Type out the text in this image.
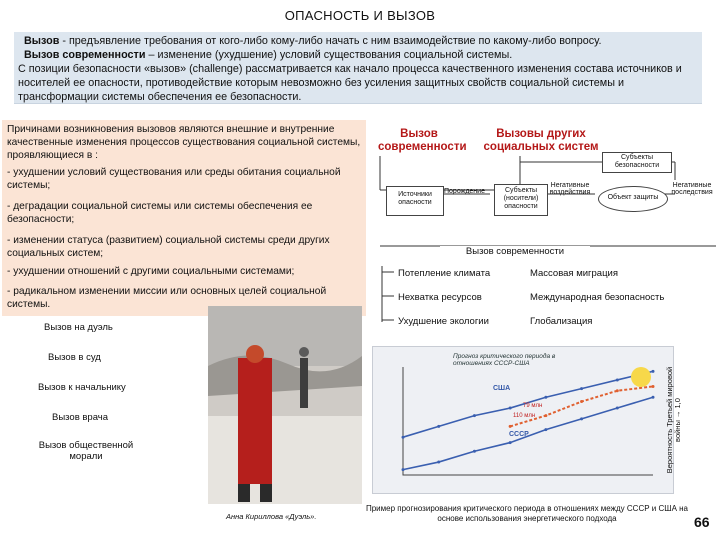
ОПАСНОСТЬ И ВЫЗОВ

Вызов - предъявление требования от кого-либо кому-либо начать с ним взаимодействие по какому-либо вопросу.

Вызов современности – изменение (ухудшение) условий существования социальной системы.

С позиции безопасности «вызов» (challenge) рассматривается как начало процесса качественного изменения состава источников и носителей ее опасности, противодействие которым невозможно без усиления защитных свойств социальной системы и трансформации системы обеспечения ее безопасности.

Причинами возникновения вызовов являются внешние и внутренние качественные изменения процессов существования социальной системы, проявляющиеся в :
- ухудшении условий существования или среды обитания социальной системы;
- деградации социальной системы или системы обеспечения ее безопасности;
- изменении статуса (развитием) социальной системы среди других социальных систем;
- ухудшении отношений с другими социальными системами;
- радикальном изменении миссии или основных целей социальной системы.
Вызов на дуэль
Вызов в суд
Вызов к начальнику
Вызов врача
Вызов общественной морали
Анна Кириллова «Дуэль».
Вызов современности
Вызовы других социальных систем
Источники опасности
Порождение	Субъекты (носители) опасности
Негативные воздействия
Объект защиты
Негативные последствия
Субъекты безопасности
Вызов современности
Потепление климата	Массовая миграция
Нехватка ресурсов	Международная безопасность
Ухудшение экологии	Глобализация
Прогноз критического периода в отношениях СССР-США
США
СССР
79 млн
110 млн	Вероятность Третьей мировой войны → 1,0
Пример прогнозирования критического периода в отношениях между СССР и США на основе использования энергетического подхода	66
